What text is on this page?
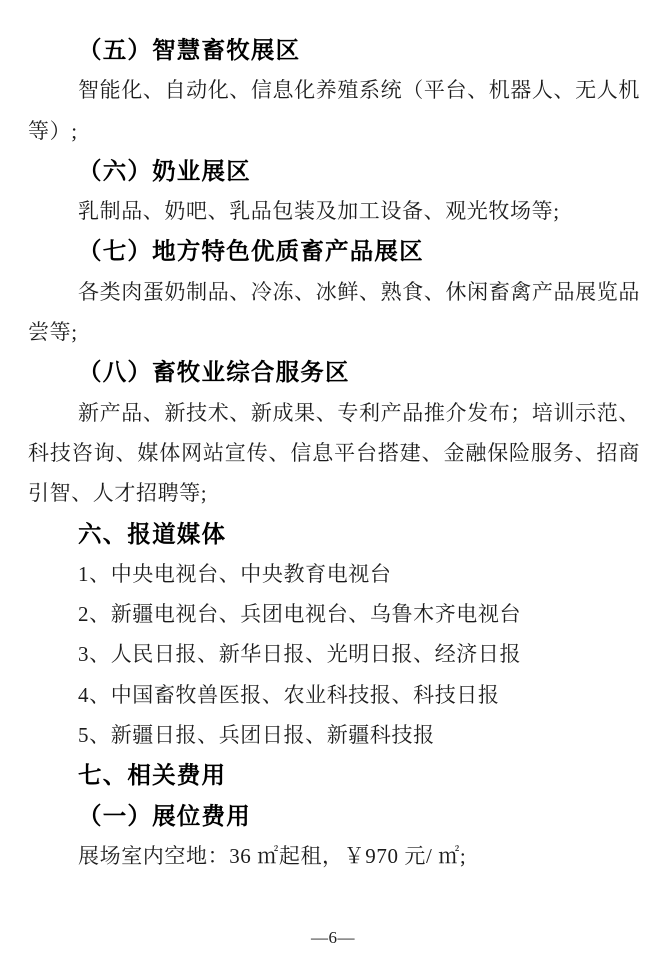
（五）智慧畜牧展区
智能化、自动化、信息化养殖系统（平台、机器人、无人机
等）;
（六）奶业展区
乳制品、奶吧、乳品包装及加工设备、观光牧场等;
（七）地方特色优质畜产品展区
各类肉蛋奶制品、冷冻、冰鲜、熟食、休闲畜禽产品展览品
尝等;
（八）畜牧业综合服务区
新产品、新技术、新成果、专利产品推介发布；培训示范、
科技咨询、媒体网站宣传、信息平台搭建、金融保险服务、招商
引智、人才招聘等;
六、报道媒体
1、中央电视台、中央教育电视台
2、新疆电视台、兵团电视台、乌鲁木齐电视台
3、人民日报、新华日报、光明日报、经济日报
4、中国畜牧兽医报、农业科技报、科技日报
5、新疆日报、兵团日报、新疆科技报
七、相关费用
（一）展位费用
展场室内空地：36 ㎡起租，￥970 元/ ㎡;
—6—
